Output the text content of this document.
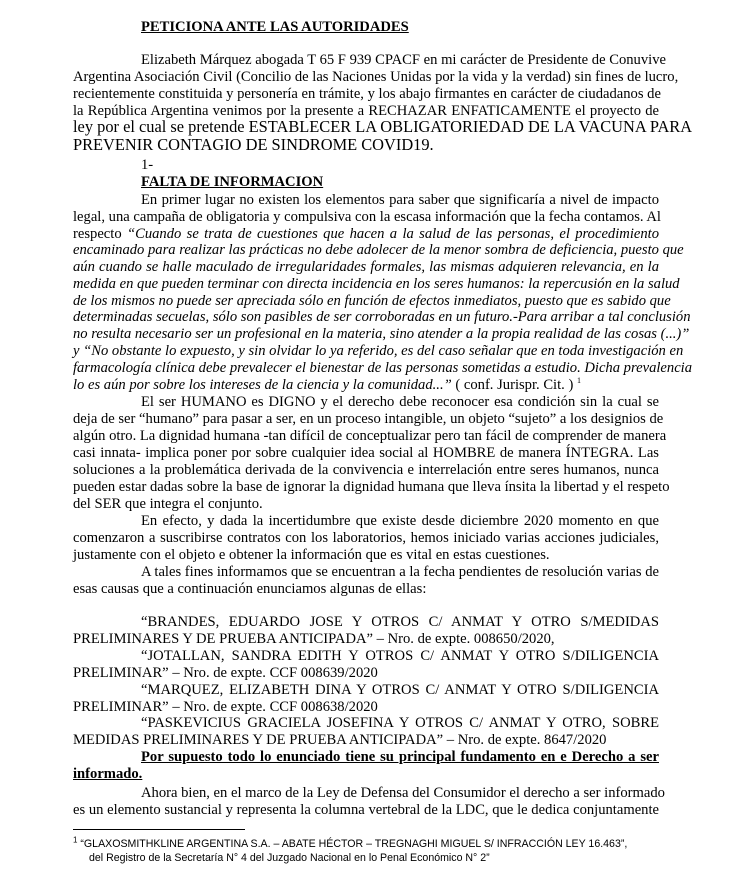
PETICIONA ANTE LAS AUTORIDADES
Elizabeth Márquez abogada T 65 F 939 CPACF en mi carácter de Presidente de Conuvive
Argentina Asociación Civil (Concilio de las Naciones Unidas por la vida y la verdad) sin fines de lucro,
recientemente constituida y personería en trámite, y los abajo firmantes en carácter de ciudadanos de
la República Argentina venimos por la presente a RECHAZAR ENFATICAMENTE el proyecto de
ley por el cual se pretende ESTABLECER LA OBLIGATORIEDAD DE LA VACUNA PARA
PREVENIR CONTAGIO DE SINDROME COVID19.
1-
FALTA DE INFORMACION
En primer lugar no existen los elementos para saber que significaría a nivel de impacto
legal, una campaña de obligatoria y compulsiva con la escasa información que la fecha contamos. Al
respecto “Cuando se trata de cuestiones que hacen a la salud de las personas, el procedimiento
encaminado para realizar las prácticas no debe adolecer de la menor sombra de deficiencia, puesto que
aún cuando se halle maculado de irregularidades formales, las mismas adquieren relevancia, en la
medida en que pueden terminar con directa incidencia en los seres humanos: la repercusión en la salud
de los mismos no puede ser apreciada sólo en función de efectos inmediatos, puesto que es sabido que
determinadas secuelas, sólo son pasibles de ser corroboradas en un futuro.-Para arribar a tal conclusión
no resulta necesario ser un profesional en la materia, sino atender a la propia realidad de las cosas (...)”
y “No obstante lo expuesto, y sin olvidar lo ya referido, es del caso señalar que en toda investigación en
farmacología clínica debe prevalecer el bienestar de las personas sometidas a estudio. Dicha prevalencia
lo es aún por sobre los intereses de la ciencia y la comunidad...” ( conf. Jurispr. Cit. ) $^1$
El ser HUMANO es DIGNO y el derecho debe reconocer esa condición sin la cual se
deja de ser “humano” para pasar a ser, en un proceso intangible, un objeto “sujeto” a los designios de
algún otro. La dignidad humana -tan difícil de conceptualizar pero tan fácil de comprender de manera
casi innata- implica poner por sobre cualquier idea social al HOMBRE de manera ÍNTEGRA. Las
soluciones a la problemática derivada de la convivencia e interrelación entre seres humanos, nunca
pueden estar dadas sobre la base de ignorar la dignidad humana que lleva ínsita la libertad y el respeto
del SER que integra el conjunto.
En efecto, y dada la incertidumbre que existe desde diciembre 2020 momento en que
comenzaron a suscribirse contratos con los laboratorios, hemos iniciado varias acciones judiciales,
justamente con el objeto e obtener la información que es vital en estas cuestiones.
A tales fines informamos que se encuentran a la fecha pendientes de resolución varias de
esas causas que a continuación enunciamos algunas de ellas:
“BRANDES, EDUARDO JOSE Y OTROS C/ ANMAT Y OTRO S/MEDIDAS
PRELIMINARES Y DE PRUEBA ANTICIPADA” – Nro. de expte. 008650/2020,
“JOTALLAN, SANDRA EDITH Y OTROS C/ ANMAT Y OTRO S/DILIGENCIA
PRELIMINAR” – Nro. de expte. CCF 008639/2020
“MARQUEZ, ELIZABETH DINA Y OTROS C/ ANMAT Y OTRO S/DILIGENCIA
PRELIMINAR” – Nro. de expte. CCF 008638/2020
“PASKEVICIUS GRACIELA JOSEFINA Y OTROS C/ ANMAT Y OTRO, SOBRE
MEDIDAS PRELIMINARES Y DE PRUEBA ANTICIPADA” – Nro. de expte. 8647/2020
Por supuesto todo lo enunciado tiene su principal fundamento en e Derecho a ser
informado.
Ahora bien, en el marco de la Ley de Defensa del Consumidor el derecho a ser informado
es un elemento sustancial y representa la columna vertebral de la LDC, que le dedica conjuntamente
$^1$ “GLAXOSMITHKLINE ARGENTINA S.A. – ABATE HÉCTOR – TREGNAGHI MIGUEL S/ INFRACCIÓN LEY 16.463”,
del Registro de la Secretaría N° 4 del Juzgado Nacional en lo Penal Económico N° 2”
